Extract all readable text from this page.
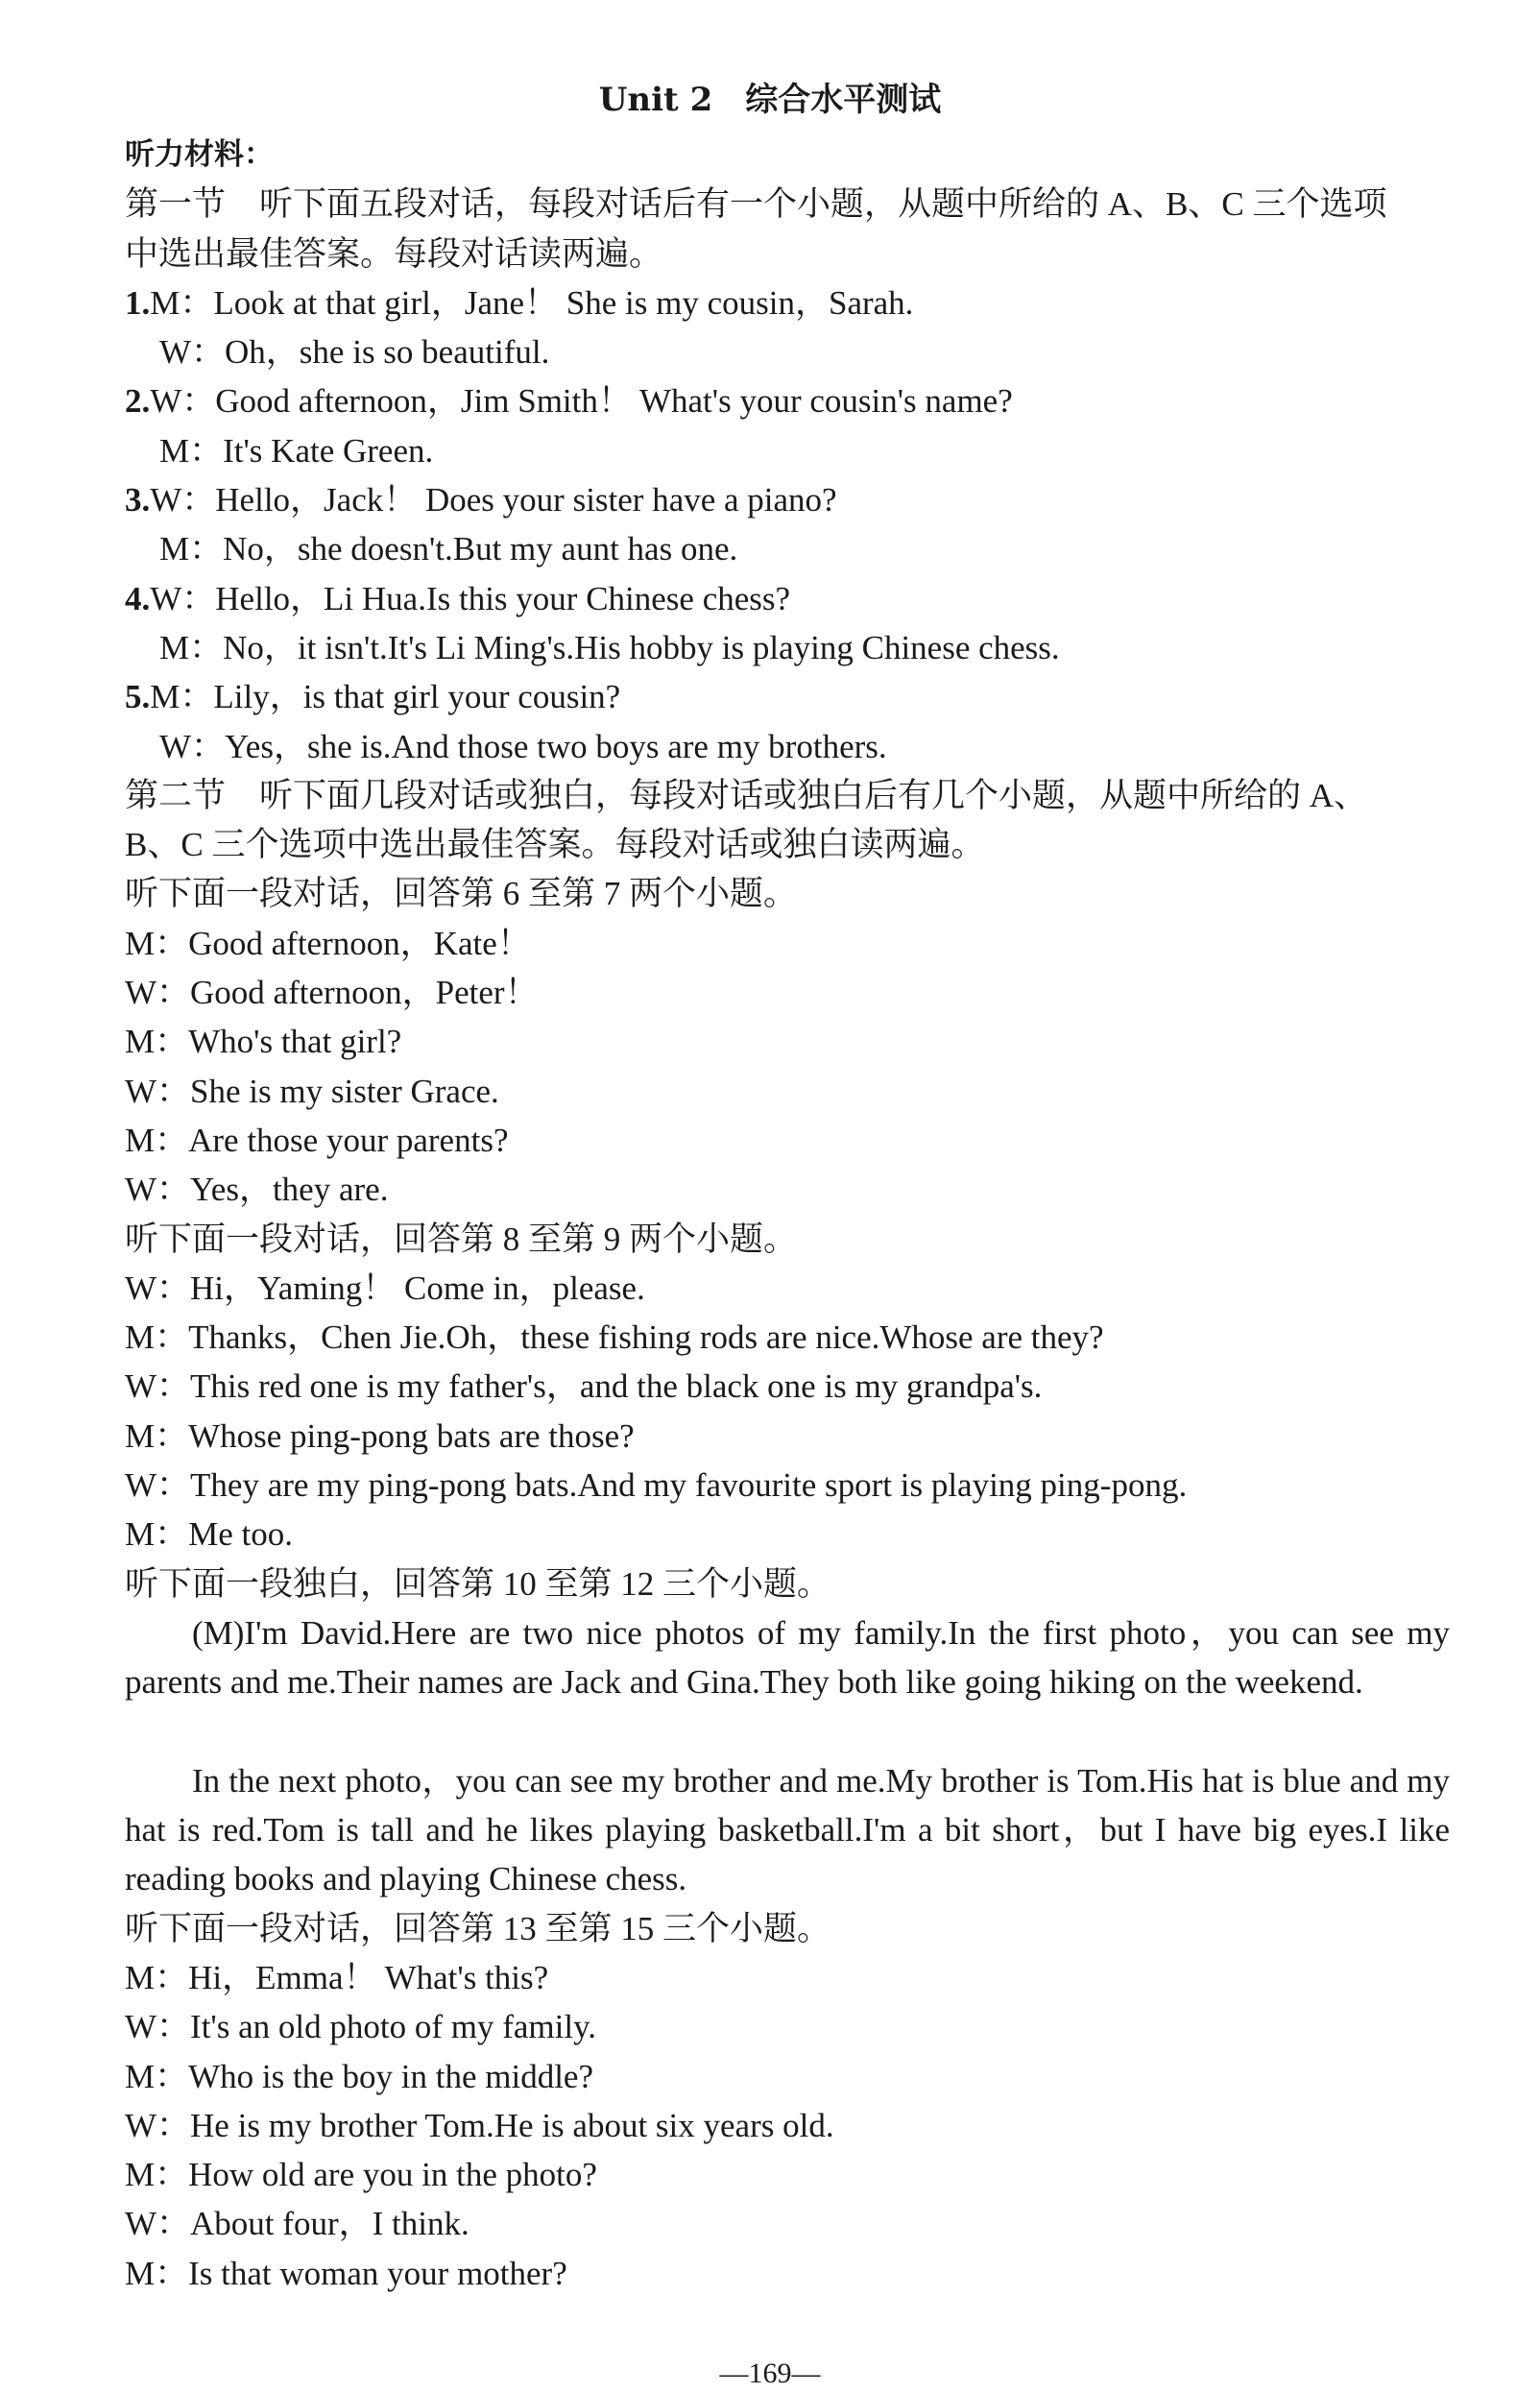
Unit 2　综合水平测试
听力材料：
第一节　听下面五段对话，每段对话后有一个小题，从题中所给的 A、B、C 三个选项
中选出最佳答案。每段对话读两遍。
1.M：Look at that girl，Jane！ She is my cousin，Sarah.
W：Oh，she is so beautiful.
2.W：Good afternoon，Jim Smith！ What's your cousin's name?
M：It's Kate Green.
3.W：Hello，Jack！ Does your sister have a piano?
M：No，she doesn't.But my aunt has one.
4.W：Hello，Li Hua.Is this your Chinese chess?
M：No，it isn't.It's Li Ming's.His hobby is playing Chinese chess.
5.M：Lily，is that girl your cousin?
W：Yes，she is.And those two boys are my brothers.
第二节　听下面几段对话或独白，每段对话或独白后有几个小题，从题中所给的 A、
B、C 三个选项中选出最佳答案。每段对话或独白读两遍。
听下面一段对话，回答第 6 至第 7 两个小题。
M：Good afternoon，Kate！
W：Good afternoon，Peter！
M：Who's that girl?
W：She is my sister Grace.
M：Are those your parents?
W：Yes，they are.
听下面一段对话，回答第 8 至第 9 两个小题。
W：Hi，Yaming！ Come in，please.
M：Thanks，Chen Jie.Oh，these fishing rods are nice.Whose are they?
W：This red one is my father's，and the black one is my grandpa's.
M：Whose ping-pong bats are those?
W：They are my ping-pong bats.And my favourite sport is playing ping-pong.
M：Me too.
听下面一段独白，回答第 10 至第 12 三个小题。
(M)I'm David.Here are two nice photos of my family.In the first photo，you can see my parents and me.Their names are Jack and Gina.They both like going hiking on the weekend.
In the next photo，you can see my brother and me.My brother is Tom.His hat is blue and my hat is red.Tom is tall and he likes playing basketball.I'm a bit short，but I have big eyes.I like reading books and playing Chinese chess.
听下面一段对话，回答第 13 至第 15 三个小题。
M：Hi，Emma！ What's this?
W：It's an old photo of my family.
M：Who is the boy in the middle?
W：He is my brother Tom.He is about six years old.
M：How old are you in the photo?
W：About four，I think.
M：Is that woman your mother?
—169—
